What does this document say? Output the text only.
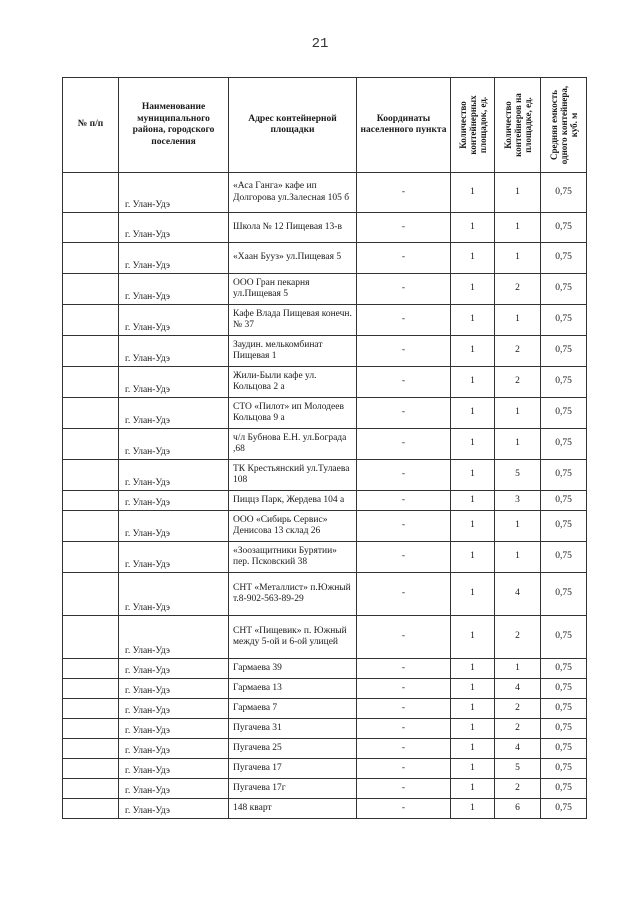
21
№ п/п	Наименование муниципального района, городского поселения	Адрес контейнерной площадки	Координаты населенного пункта	Количество контейнерных площадок, ед.	Количество контейнеров на площадке, ед.	Средняя емкость одного контейнера, куб. м

	г. Улан-Удэ	«Аса Ганга» кафе ип Долгорова ул.Залесная 105 б	-	1	1	0,75
	г. Улан-Удэ	Школа № 12 Пищевая 13-в	-	1	1	0,75
	г. Улан-Удэ	«Хаан Бууз» ул.Пищевая 5	-	1	1	0,75
	г. Улан-Удэ	ООО Гран пекарня ул.Пищевая 5	-	1	2	0,75
	г. Улан-Удэ	Кафе Влада Пищевая конечн. № 37	-	1	1	0,75
	г. Улан-Удэ	Заудин. мелькомбинат Пищевая 1	-	1	2	0,75
	г. Улан-Удэ	Жили-Были кафе ул. Кольцова 2 а	-	1	2	0,75
	г. Улан-Удэ	СТО «Пилот» ип Молодеев Кольцова 9 а	-	1	1	0,75
	г. Улан-Удэ	ч/л Бубнова Е.Н. ул.Бограда ,68	-	1	1	0,75
	г. Улан-Удэ	ТК Крестьянский ул.Тулаева 108	-	1	5	0,75
	г. Улан-Удэ	Пиццз Парк, Жердева 104 а	-	1	3	0,75
	г. Улан-Удэ	ООО «Сибирь Сервис» Денисова 13 склад 26	-	1	1	0,75
	г. Улан-Удэ	«Зоозащитники Бурятии» пер. Псковский 38	-	1	1	0,75
	г. Улан-Удэ	СНТ «Металлист» п.Южный т.8-902-563-89-29	-	1	4	0,75
	г. Улан-Удэ	СНТ «Пищевик» п. Южный между 5-ой и 6-ой улицей	-	1	2	0,75
	г. Улан-Удэ	Гармаева 39	-	1	1	0,75
	г. Улан-Удэ	Гармаева 13	-	1	4	0,75
	г. Улан-Удэ	Гармаева 7	-	1	2	0,75
	г. Улан-Удэ	Пугачева 31	-	1	2	0,75
	г. Улан-Удэ	Пугачева 25	-	1	4	0,75
	г. Улан-Удэ	Пугачева 17	-	1	5	0,75
	г. Улан-Удэ	Пугачева 17г	-	1	2	0,75
	г. Улан-Удэ	148 кварт	-	1	6	0,75
